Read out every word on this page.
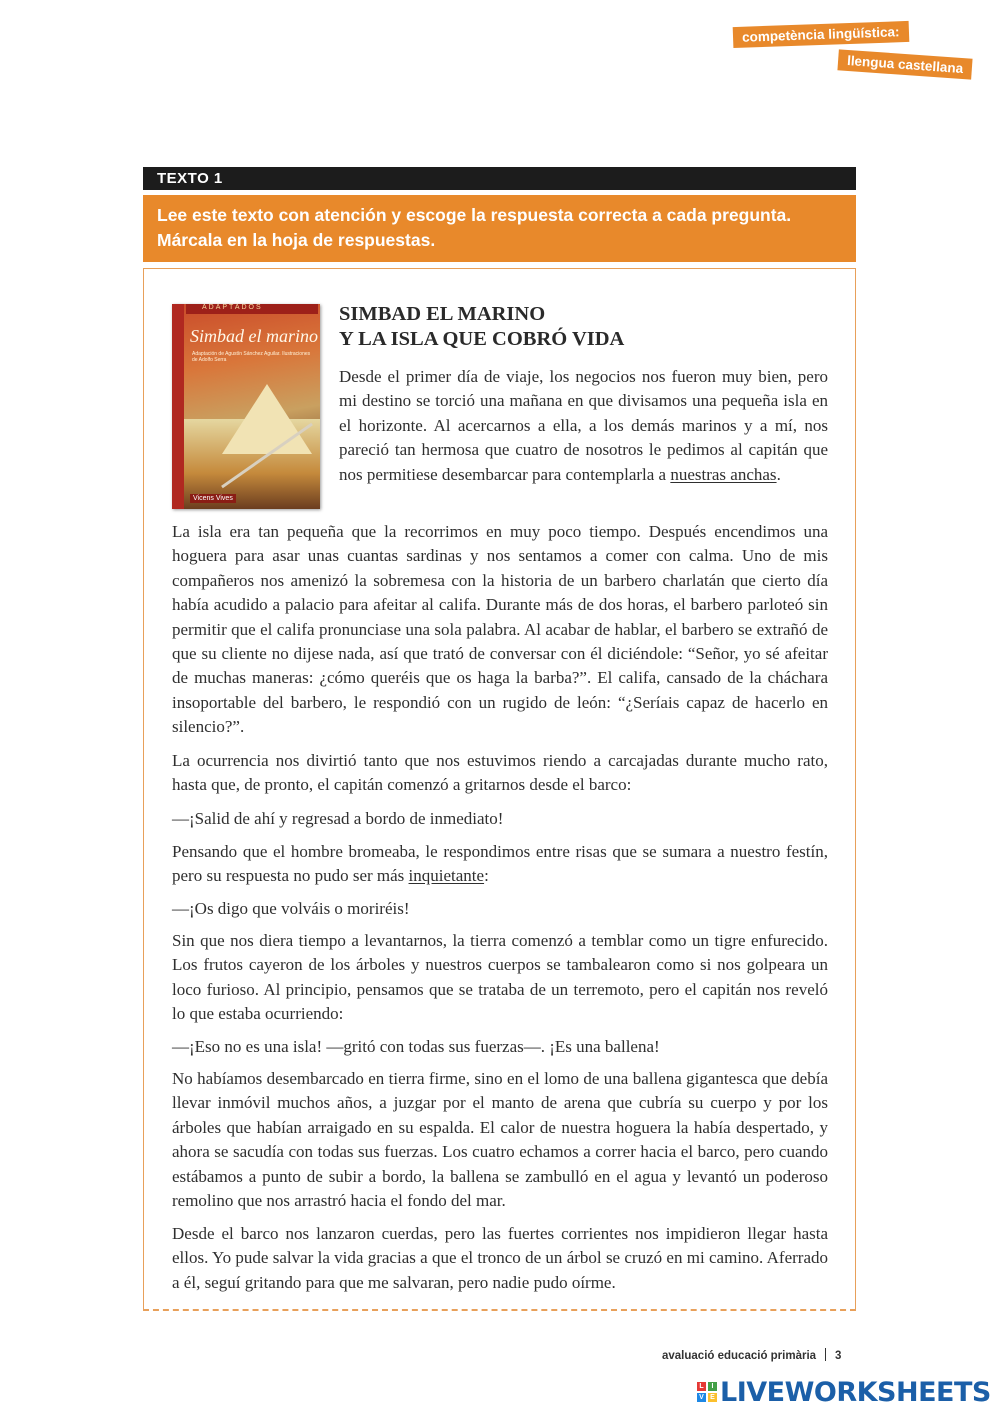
competència lingüística:
llengua castellana
TEXTO 1
Lee este texto con atención y escoge la respuesta correcta a cada pregunta. Márcala en la hoja de respuestas.
ADAPTADOS
Simbad el marino
Adaptación de Agustín Sánchez Aguilar. Ilustraciones de Adolfo Serra
Vicens Vives
SIMBAD EL MARINO
Y LA ISLA QUE COBRÓ VIDA

Desde el primer día de viaje, los negocios nos fueron muy bien, pero mi destino se torció una mañana en que divisamos una pequeña isla en el horizonte. Al acercarnos a ella, a los demás marinos y a mí, nos pareció tan hermosa que cuatro de nosotros le pedimos al capitán que nos permitiese desembarcar para contemplarla a nuestras anchas.

La isla era tan pequeña que la recorrimos en muy poco tiempo. Después encendimos una hoguera para asar unas cuantas sardinas y nos sentamos a comer con calma. Uno de mis compañeros nos amenizó la sobremesa con la historia de un barbero charlatán que cierto día había acudido a palacio para afeitar al califa. Durante más de dos horas, el barbero parloteó sin permitir que el califa pronunciase una sola palabra. Al acabar de hablar, el barbero se extrañó de que su cliente no dijese nada, así que trató de conversar con él diciéndole: “Señor, yo sé afeitar de muchas maneras: ¿cómo queréis que os haga la barba?”. El califa, cansado de la cháchara insoportable del barbero, le respondió con un rugido de león: “¿Seríais capaz de hacerlo en silencio?”.

La ocurrencia nos divirtió tanto que nos estuvimos riendo a carcajadas durante mucho rato, hasta que, de pronto, el capitán comenzó a gritarnos desde el barco:

—¡Salid de ahí y regresad a bordo de inmediato!

Pensando que el hombre bromeaba, le respondimos entre risas que se sumara a nuestro festín, pero su respuesta no pudo ser más inquietante:

—¡Os digo que volváis o moriréis!

Sin que nos diera tiempo a levantarnos, la tierra comenzó a temblar como un tigre enfurecido. Los frutos cayeron de los árboles y nuestros cuerpos se tambalearon como si nos golpeara un loco furioso. Al principio, pensamos que se trataba de un terremoto, pero el capitán nos reveló lo que estaba ocurriendo:

—¡Eso no es una isla! —gritó con todas sus fuerzas—. ¡Es una ballena!

No habíamos desembarcado en tierra firme, sino en el lomo de una ballena gigantesca que debía llevar inmóvil muchos años, a juzgar por el manto de arena que cubría su cuerpo y por los árboles que habían arraigado en su espalda. El calor de nuestra hoguera la había despertado, y ahora se sacudía con todas sus fuerzas. Los cuatro echamos a correr hacia el barco, pero cuando estábamos a punto de subir a bordo, la ballena se zambulló en el agua y levantó un poderoso remolino que nos arrastró hacia el fondo del mar.

Desde el barco nos lanzaron cuerdas, pero las fuertes corrientes nos impidieron llegar hasta ellos. Yo pude salvar la vida gracias a que el tronco de un árbol se cruzó en mi camino. Aferrado a él, seguí gritando para que me salvaran, pero nadie pudo oírme.

avaluació educació primària 3
L	I
V E LIVEWORKSHEETS
